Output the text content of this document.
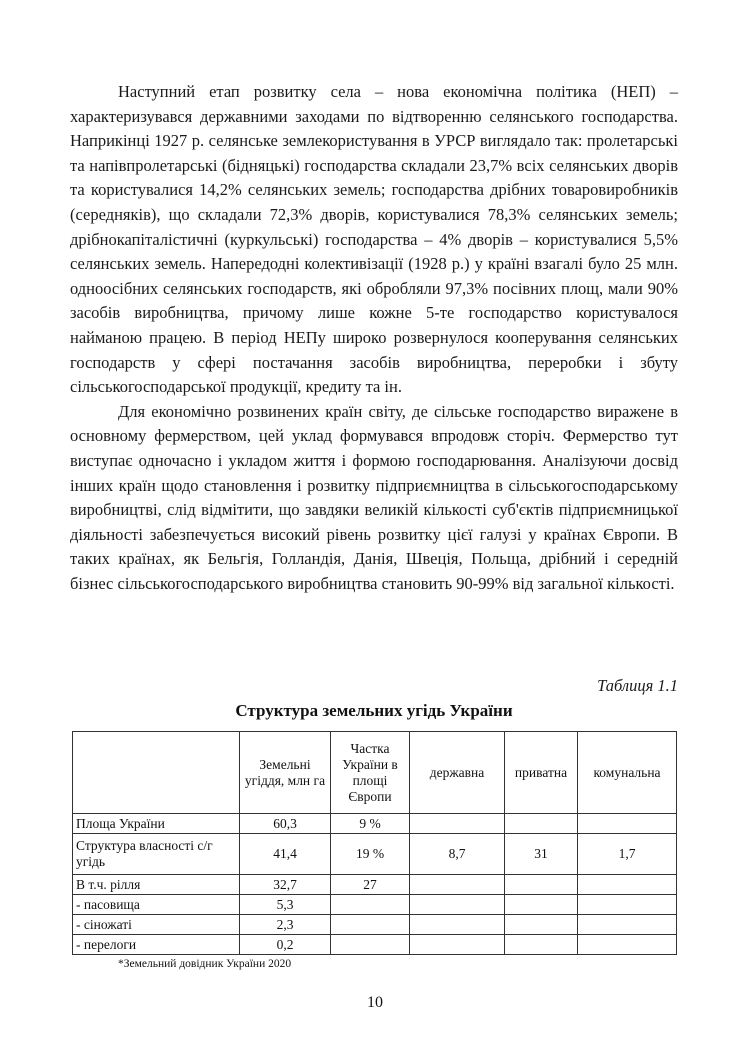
Наступний етап розвитку села – нова економічна політика (НЕП) – характеризувався державними заходами по відтворенню селянського господарства. Наприкінці 1927 р. селянське землекористування в УРСР виглядало так: пролетарські та напівпролетарські (бідняцькі) господарства складали 23,7% всіх селянських дворів та користувалися 14,2% селянських земель; господарства дрібних товаровиробників (середняків), що складали 72,3% дворів, користувалися 78,3% селянських земель; дрібнокапіталістичні (куркульські) господарства – 4% дворів – користувалися 5,5% селянських земель. Напередодні колективізації (1928 р.) у країні взагалі було 25 млн. одноосібних селянських господарств, які обробляли 97,3% посівних площ, мали 90% засобів виробництва, причому лише кожне 5-те господарство користувалося найманою працею. В період НЕПу широко розвернулося кооперування селянських господарств у сфері постачання засобів виробництва, переробки і збуту сільськогосподарської продукції, кредиту та ін.

Для економічно розвинених країн світу, де сільське господарство виражене в основному фермерством, цей уклад формувався впродовж сторіч. Фермерство тут виступає одночасно і укладом життя і формою господарювання. Аналізуючи досвід інших країн щодо становлення і розвитку підприємництва в сільськогосподарському виробництві, слід відмітити, що завдяки великій кількості суб'єктів підприємницької діяльності забезпечується високий рівень розвитку цієї галузі у країнах Європи. В таких країнах, як Бельгія, Голландія, Данія, Швеція, Польща, дрібний і середній бізнес сільськогосподарського виробництва становить 90-99% від загальної кількості.

Таблиця 1.1
Структура земельних угідь України
	Земельні угіддя, млн га	Частка України в площі Європи	державна	приватна	комунальна
Площа України	60,3	9 %			
Структура власності с/г угідь	41,4	19 %	8,7	31	1,7
В т.ч. рілля	32,7	27			
- пасовища	5,3				
- сіножаті	2,3				
- перелоги	0,2				
*Земельний довідник України 2020
10
